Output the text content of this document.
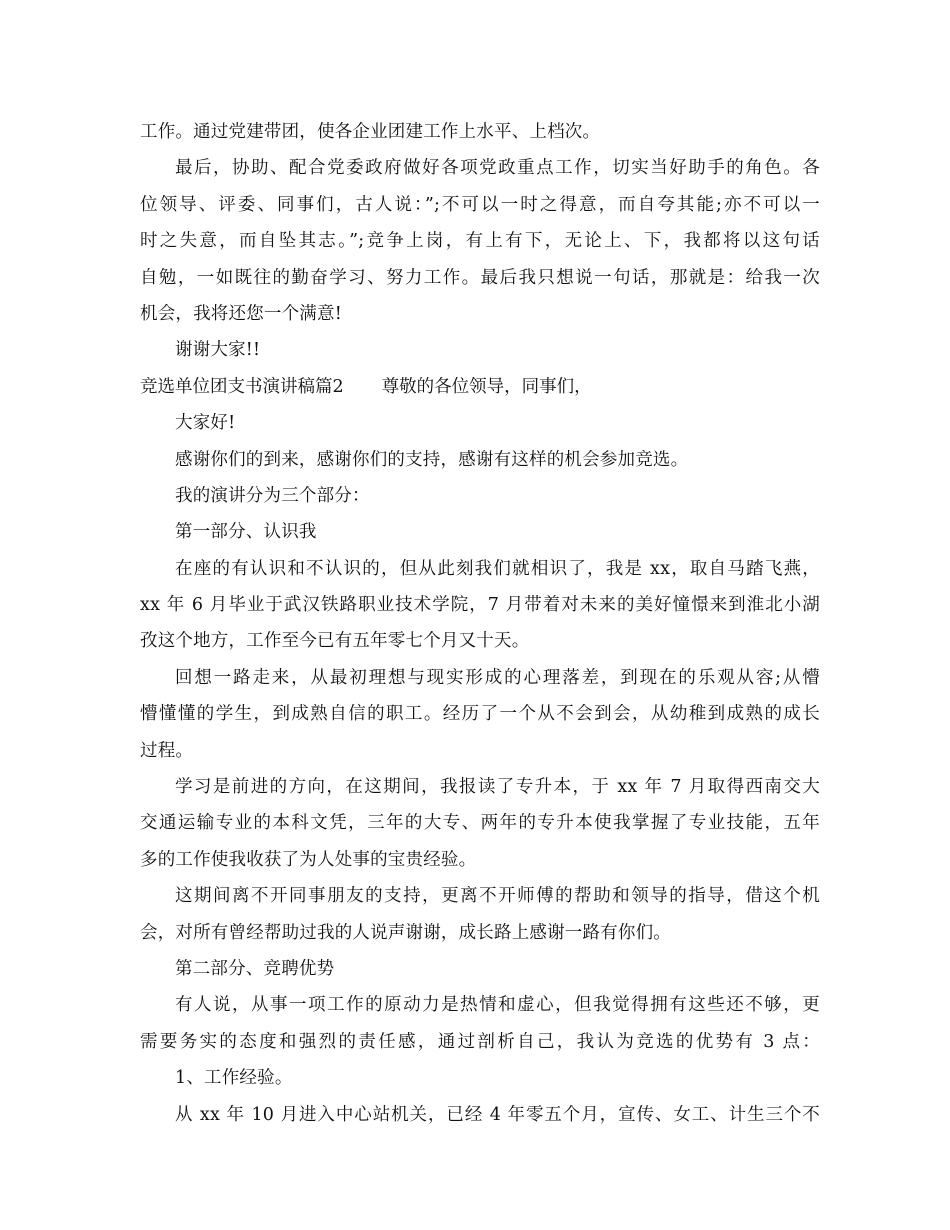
工作。通过党建带团，使各企业团建工作上水平、上档次。
最后，协助、配合党委政府做好各项党政重点工作，切实当好助手的角色。各
位领导、评委、同事们，古人说：”;不可以一时之得意，而自夸其能;亦不可以一
时之失意，而自坠其志。”;竞争上岗，有上有下，无论上、下，我都将以这句话
自勉，一如既往的勤奋学习、努力工作。最后我只想说一句话，那就是：给我一次
机会，我将还您一个满意!
谢谢大家!!
竞选单位团支书演讲稿篇2 尊敬的各位领导，同事们，
大家好!
感谢你们的到来，感谢你们的支持，感谢有这样的机会参加竞选。
我的演讲分为三个部分：
第一部分、认识我
在座的有认识和不认识的，但从此刻我们就相识了，我是 xx，取自马踏飞燕，
xx 年 6 月毕业于武汉铁路职业技术学院，7 月带着对未来的美好憧憬来到淮北小湖
孜这个地方，工作至今已有五年零七个月又十天。
回想一路走来，从最初理想与现实形成的心理落差，到现在的乐观从容;从懵
懵懂懂的学生，到成熟自信的职工。经历了一个从不会到会，从幼稚到成熟的成长
过程。
学习是前进的方向，在这期间，我报读了专升本，于 xx 年 7 月取得西南交大
交通运输专业的本科文凭，三年的大专、两年的专升本使我掌握了专业技能，五年
多的工作使我收获了为人处事的宝贵经验。
这期间离不开同事朋友的支持，更离不开师傅的帮助和领导的指导，借这个机
会，对所有曾经帮助过我的人说声谢谢，成长路上感谢一路有你们。
第二部分、竞聘优势
有人说，从事一项工作的原动力是热情和虚心，但我觉得拥有这些还不够，更
需要务实的态度和强烈的责任感，通过剖析自己，我认为竞选的优势有 3 点：
1、工作经验。
从 xx 年 10 月进入中心站机关，已经 4 年零五个月，宣传、女工、计生三个不
